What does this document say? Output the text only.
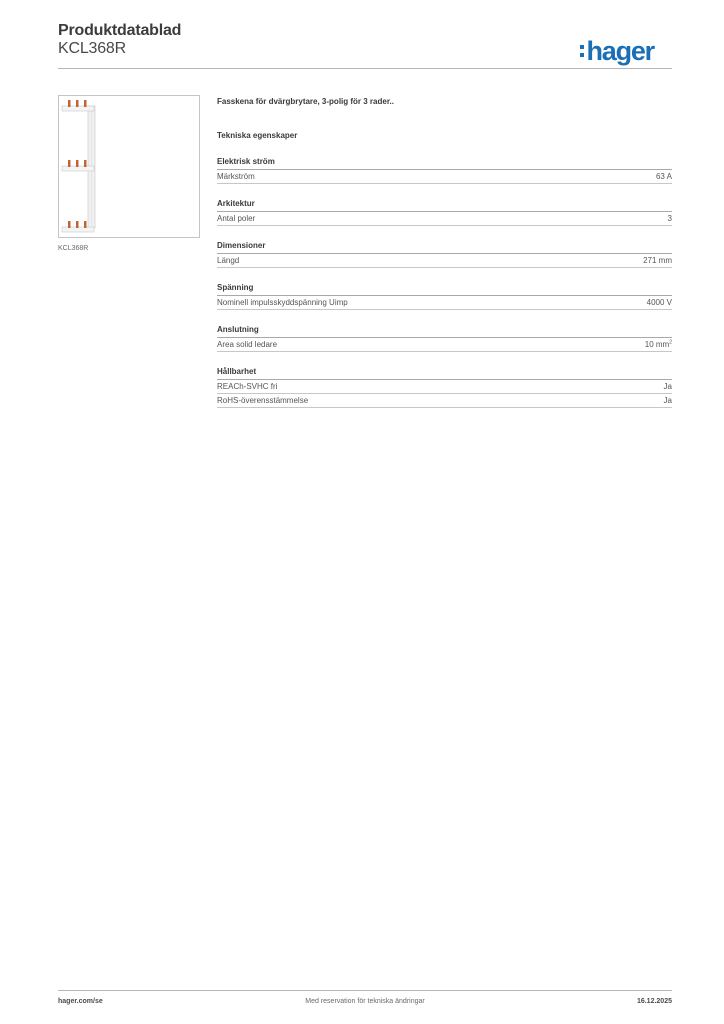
Produktdatablad
KCL368R	hager
KCL368R
Fasskena för dvärgbrytare, 3-polig för 3 rader..
Tekniska egenskaper
Elektrisk ström
Märkström	63 A
Arkitektur
Antal poler	3
Dimensioner
Längd	271 mm
Spänning
Nominell impulsskyddspänning Uimp	4000 V
Anslutning
Area solid ledare	10 $mm^2$
Hållbarhet
REACh-SVHC fri	Ja
RoHS-överensstämmelse	Ja
hager.com/se	Med reservation för tekniska ändringar	16.12.2025
